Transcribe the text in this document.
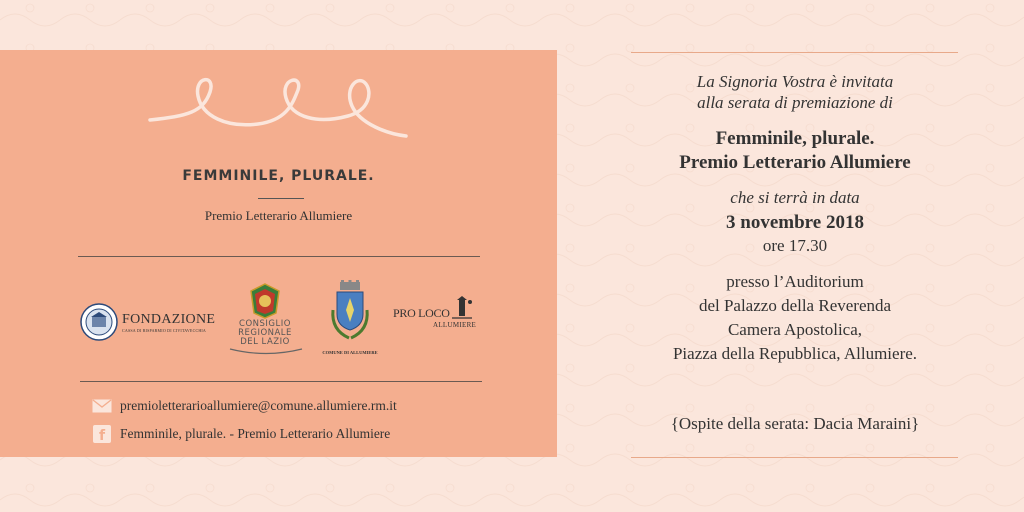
FEMMINILE, PLURALE.
Premio Letterario Allumiere
FONDAZIONE
CASSA DI RISPARMIO DI CIVITAVECCHIA
CONSIGLIO
REGIONALE
DEL LAZIO
COMUNE DI ALLUMIERE
PRO LOCO
ALLUMIERE
premioletterarioallumiere@comune.allumiere.rm.it
f Femminile, plurale. - Premio Letterario Allumiere
La Signoria Vostra è invitata
alla serata di premiazione di
Femminile, plurale.
Premio Letterario Allumiere
che si terrà in data
3 novembre 2018
ore 17.30
presso l’Auditorium
del Palazzo della Reverenda
Camera Apostolica,
Piazza della Repubblica, Allumiere.
{Ospite della serata: Dacia Maraini}
